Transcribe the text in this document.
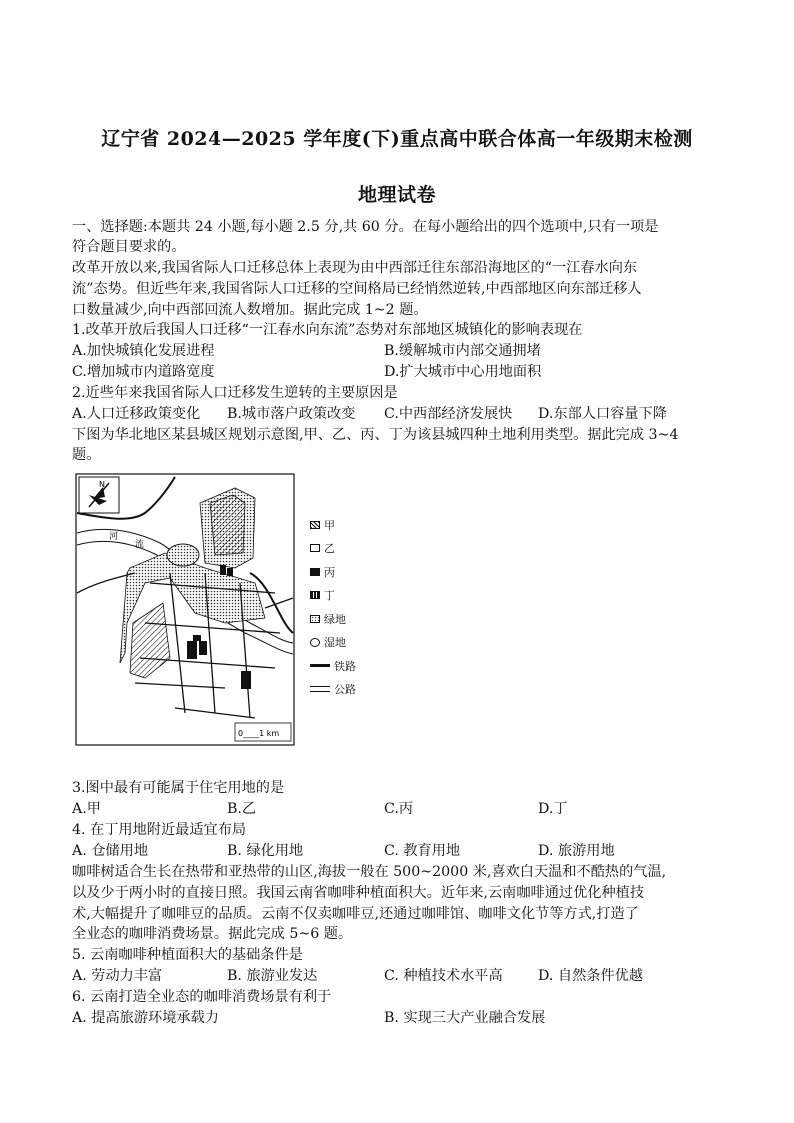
辽宁省 2024—2025 学年度(下)重点高中联合体高一年级期末检测
地理试卷
一、选择题:本题共 24 小题,每小题 2.5 分,共 60 分。在每小题给出的四个选项中,只有一项是
符合题目要求的。
改革开放以来,我国省际人口迁移总体上表现为由中西部迁往东部沿海地区的“一江春水向东
流”态势。但近些年来,我国省际人口迁移的空间格局已经悄然逆转,中西部地区向东部迁移人
口数量减少,向中西部回流人数增加。据此完成 1~2 题。
1.改革开放后我国人口迁移“一江春水向东流”态势对东部地区城镇化的影响表现在
A.加快城镇化发展进程	B.缓解城市内部交通拥堵
C.增加城市内道路宽度	D.扩大城市中心用地面积
2.近些年来我国省际人口迁移发生逆转的主要原因是
A.人口迁移政策变化 B.城市落户政策改变 C.中西部经济发展快 D.东部人口容量下降
下图为华北地区某县城区规划示意图,甲、乙、丙、丁为该县城四种土地利用类型。据此完成 3~4
题。
N
河
流
0____1 km
甲
乙
丙
丁
绿地
湿地
铁路
公路
3.图中最有可能属于住宅用地的是
A.甲	B.乙	C.丙	D.丁
4. 在丁用地附近最适宜布局
A. 仓储用地	B. 绿化用地	C. 教育用地	D. 旅游用地
咖啡树适合生长在热带和亚热带的山区,海拔一般在 500~2000 米,喜欢白天温和不酷热的气温,
以及少于两小时的直接日照。我国云南省咖啡种植面积大。近年来,云南咖啡通过优化种植技
术,大幅提升了咖啡豆的品质。云南不仅卖咖啡豆,还通过咖啡馆、咖啡文化节等方式,打造了
全业态的咖啡消费场景。据此完成 5~6 题。
5. 云南咖啡种植面积大的基础条件是
A. 劳动力丰富	B. 旅游业发达	C. 种植技术水平高 D. 自然条件优越
6. 云南打造全业态的咖啡消费场景有利于
A. 提高旅游环境承载力	B. 实现三大产业融合发展
